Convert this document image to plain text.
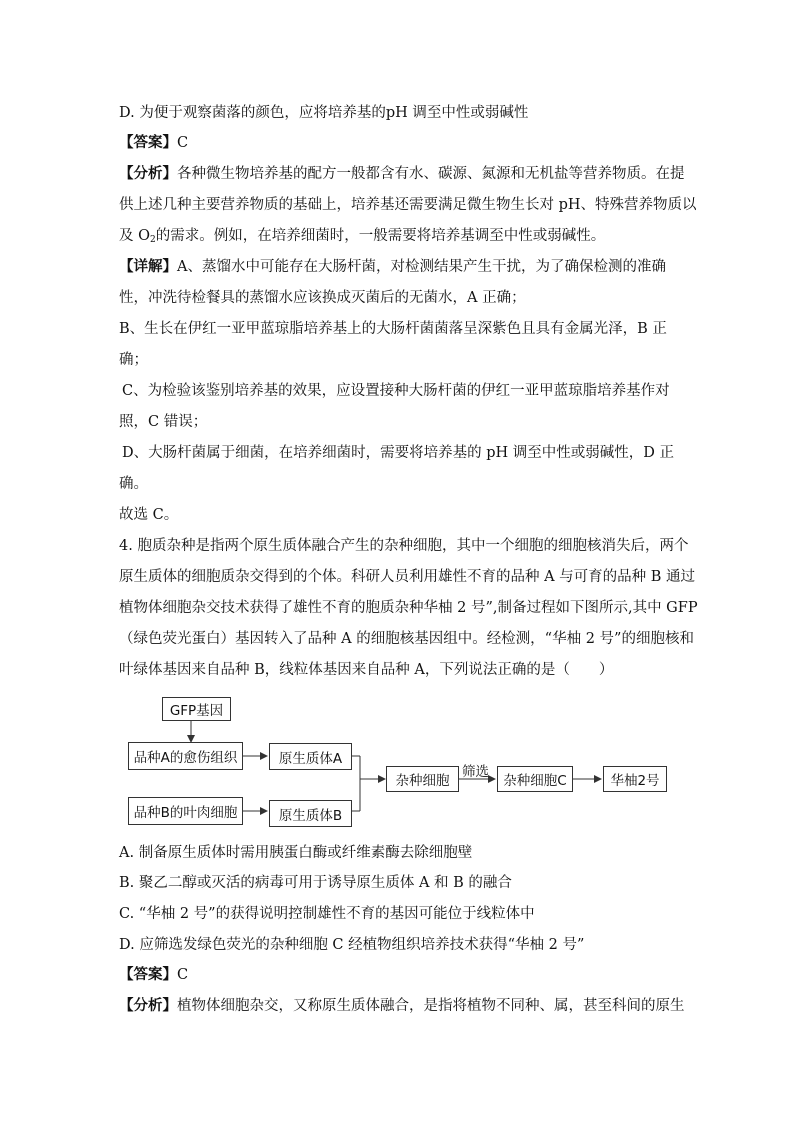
D. 为便于观察菌落的颜色，应将培养基的pH 调至中性或弱碱性
【答案】C
【分析】各种微生物培养基的配方一般都含有水、碳源、氮源和无机盐等营养物质。在提
供上述几种主要营养物质的基础上，培养基还需要满足微生物生长对 pH、特殊营养物质以
及 $O_2$的需求。例如，在培养细菌时，一般需要将培养基调至中性或弱碱性。
【详解】A、蒸馏水中可能存在大肠杆菌，对检测结果产生干扰，为了确保检测的准确
性，冲洗待检餐具的蒸馏水应该换成灭菌后的无菌水，A 正确；
B、生长在伊红一亚甲蓝琼脂培养基上的大肠杆菌菌落呈深紫色且具有金属光泽，B 正
确；
C、为检验该鉴别培养基的效果，应设置接种大肠杆菌的伊红一亚甲蓝琼脂培养基作对
照，C 错误；
D、大肠杆菌属于细菌，在培养细菌时，需要将培养基的 pH 调至中性或弱碱性，D 正
确。
故选 C。
4. 胞质杂种是指两个原生质体融合产生的杂种细胞，其中一个细胞的细胞核消失后，两个
原生质体的细胞质杂交得到的个体。科研人员利用雄性不育的品种 A 与可育的品种 B 通过
植物体细胞杂交技术获得了雄性不育的胞质杂种华柚 2 号”,制备过程如下图所示,其中 GFP
（绿色荧光蛋白）基因转入了品种 A 的细胞核基因组中。经检测，“华柚 2 号”的细胞核和
叶绿体基因来自品种 B，线粒体基因来自品种 A，下列说法正确的是（　　）
GFP基因
品种A的愈伤组织	原生质体A
品种B的叶肉细胞	原生质体B
杂种细胞
筛选
杂种细胞C	华柚2号
A. 制备原生质体时需用胰蛋白酶或纤维素酶去除细胞壁
B. 聚乙二醇或灭活的病毒可用于诱导原生质体 A 和 B 的融合
C. “华柚 2 号”的获得说明控制雄性不育的基因可能位于线粒体中
D. 应筛选发绿色荧光的杂种细胞 C 经植物组织培养技术获得“华柚 2 号”
【答案】C
【分析】植物体细胞杂交，又称原生质体融合，是指将植物不同种、属，甚至科间的原生
